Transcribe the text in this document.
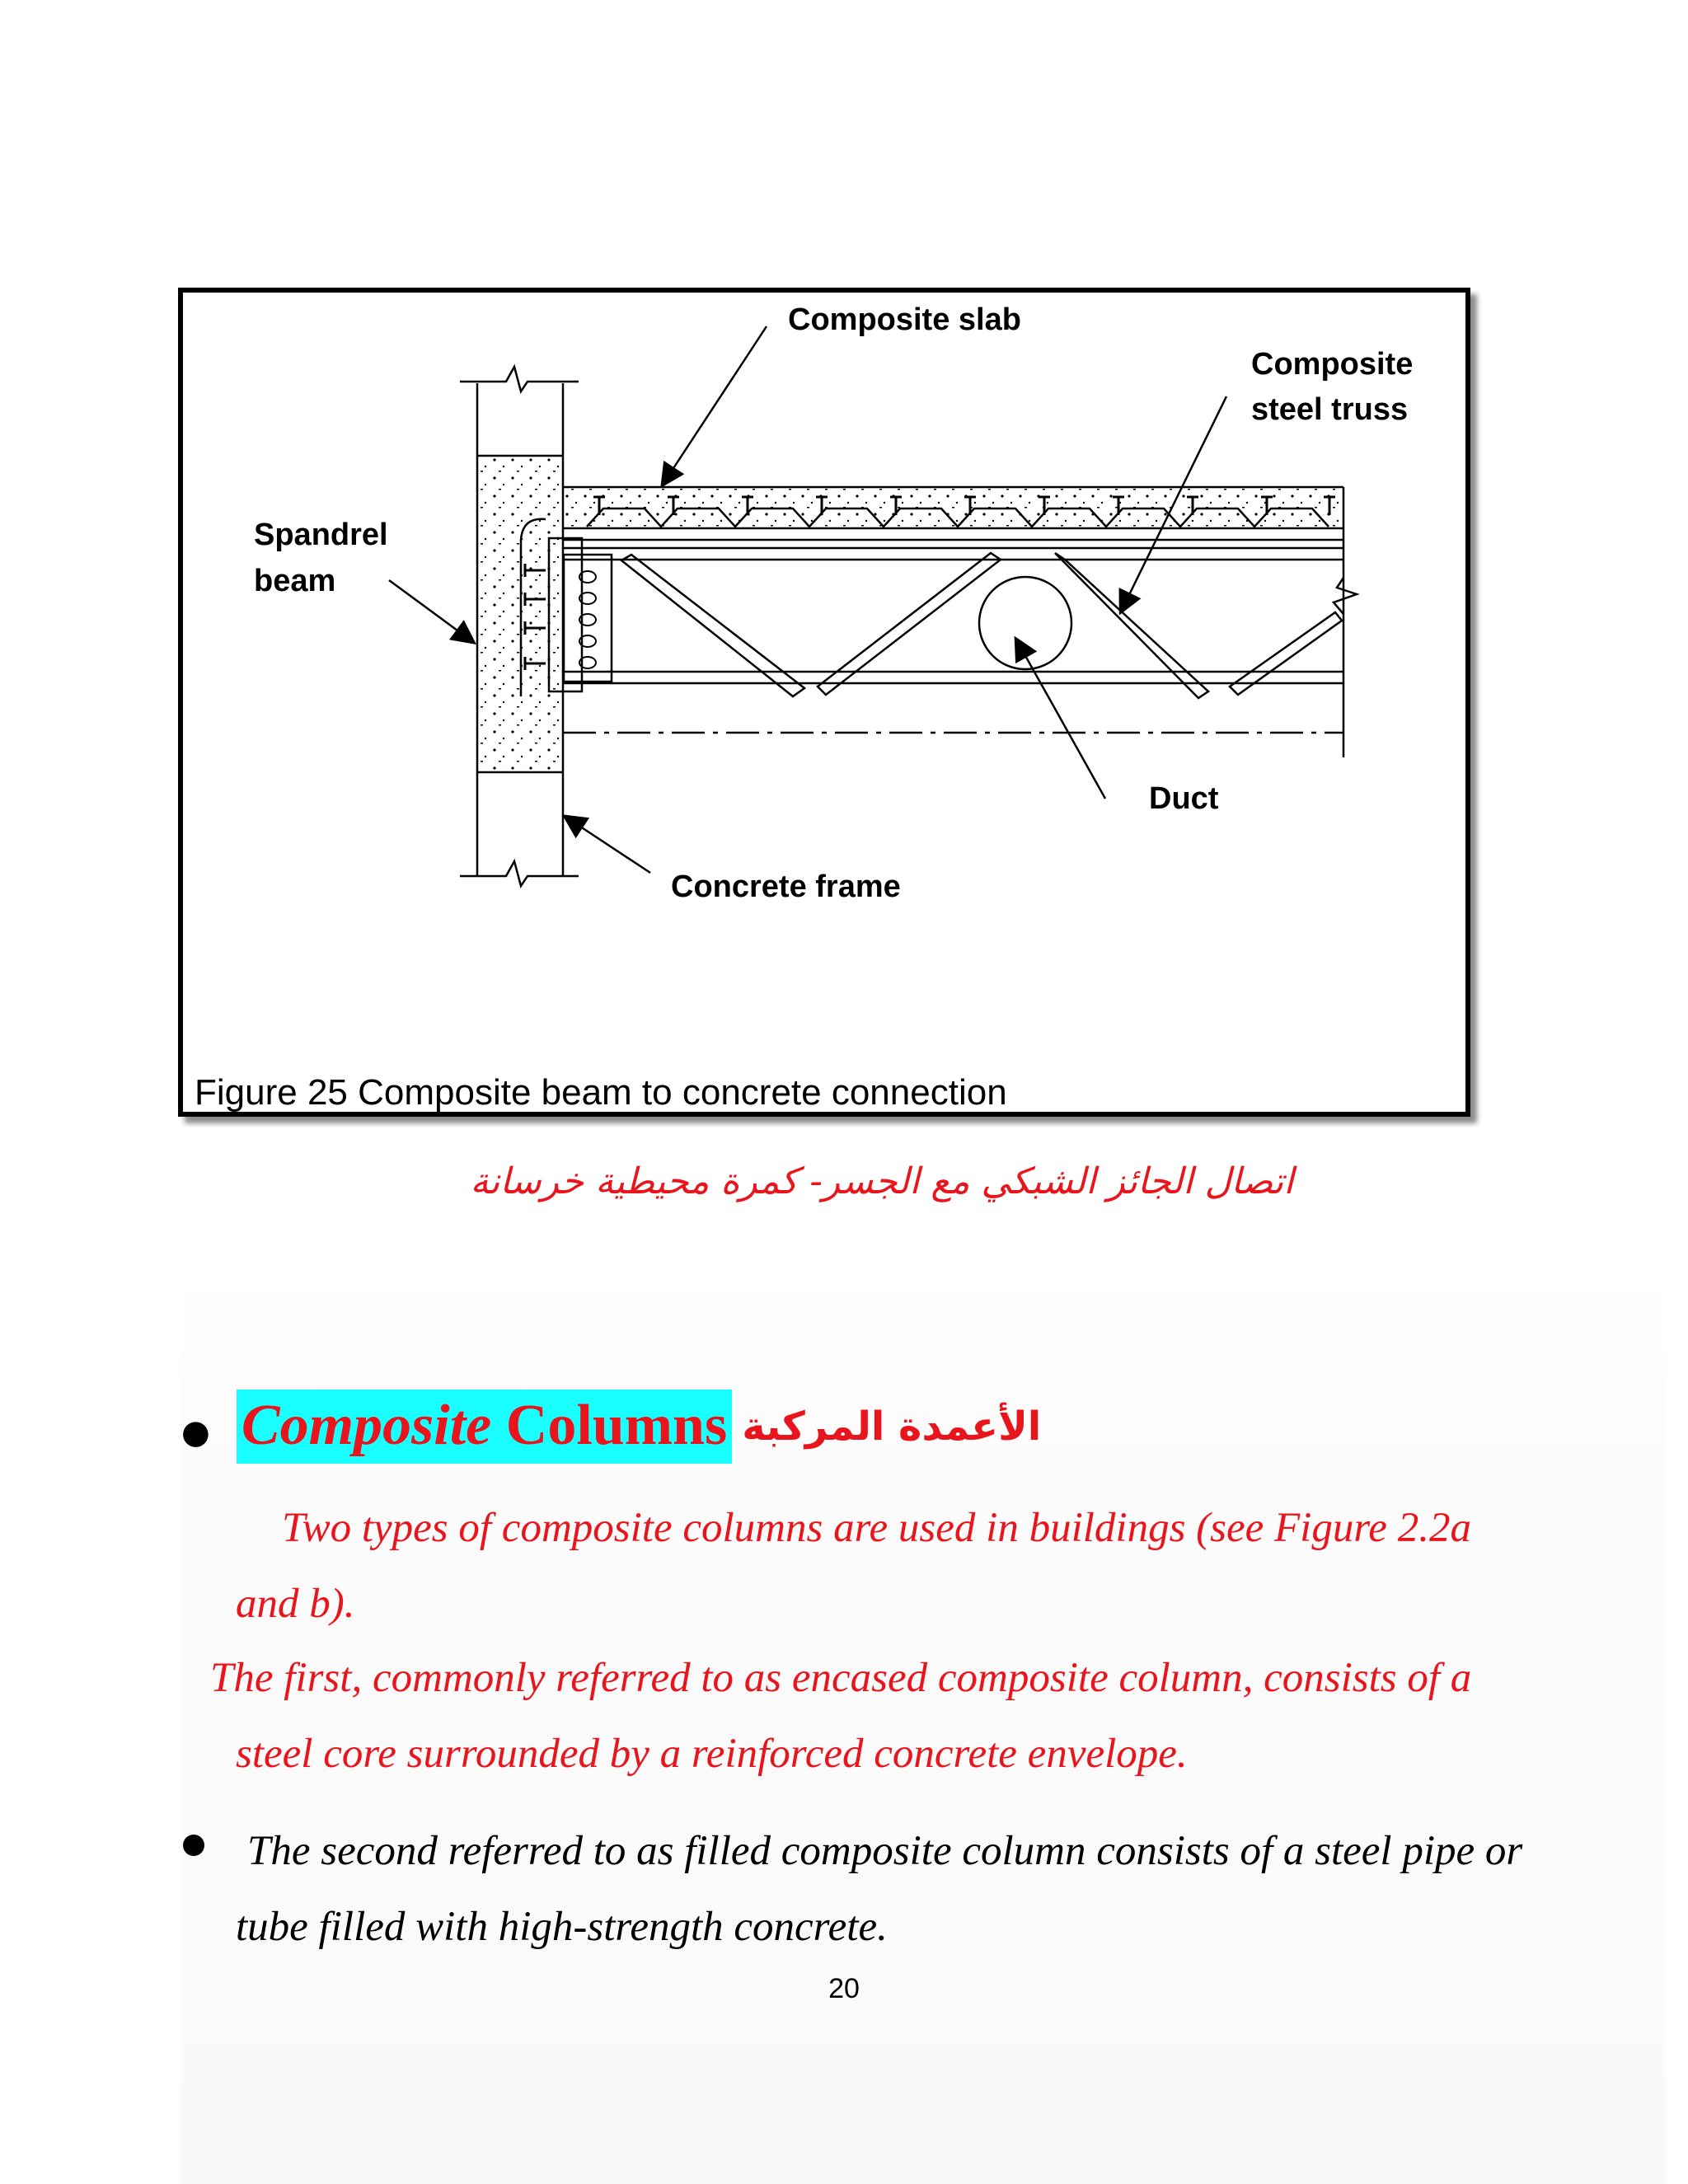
Composite slab
Composite
steel truss
Spandrel
beam
Duct
Concrete frame
Figure 25 Composite beam to concrete connection
اتصال الجائز الشبكي مع الجسر- كمرة محيطية خرسانة
● Composite Columns الأعمدة المركبة
Two types of composite columns are used in buildings (see Figure 2.2a
and b).
The first, commonly referred to as encased composite column, consists of a
steel core surrounded by a reinforced concrete envelope.
The second referred to as filled composite column consists of a steel pipe or
tube filled with high-strength concrete.
20
